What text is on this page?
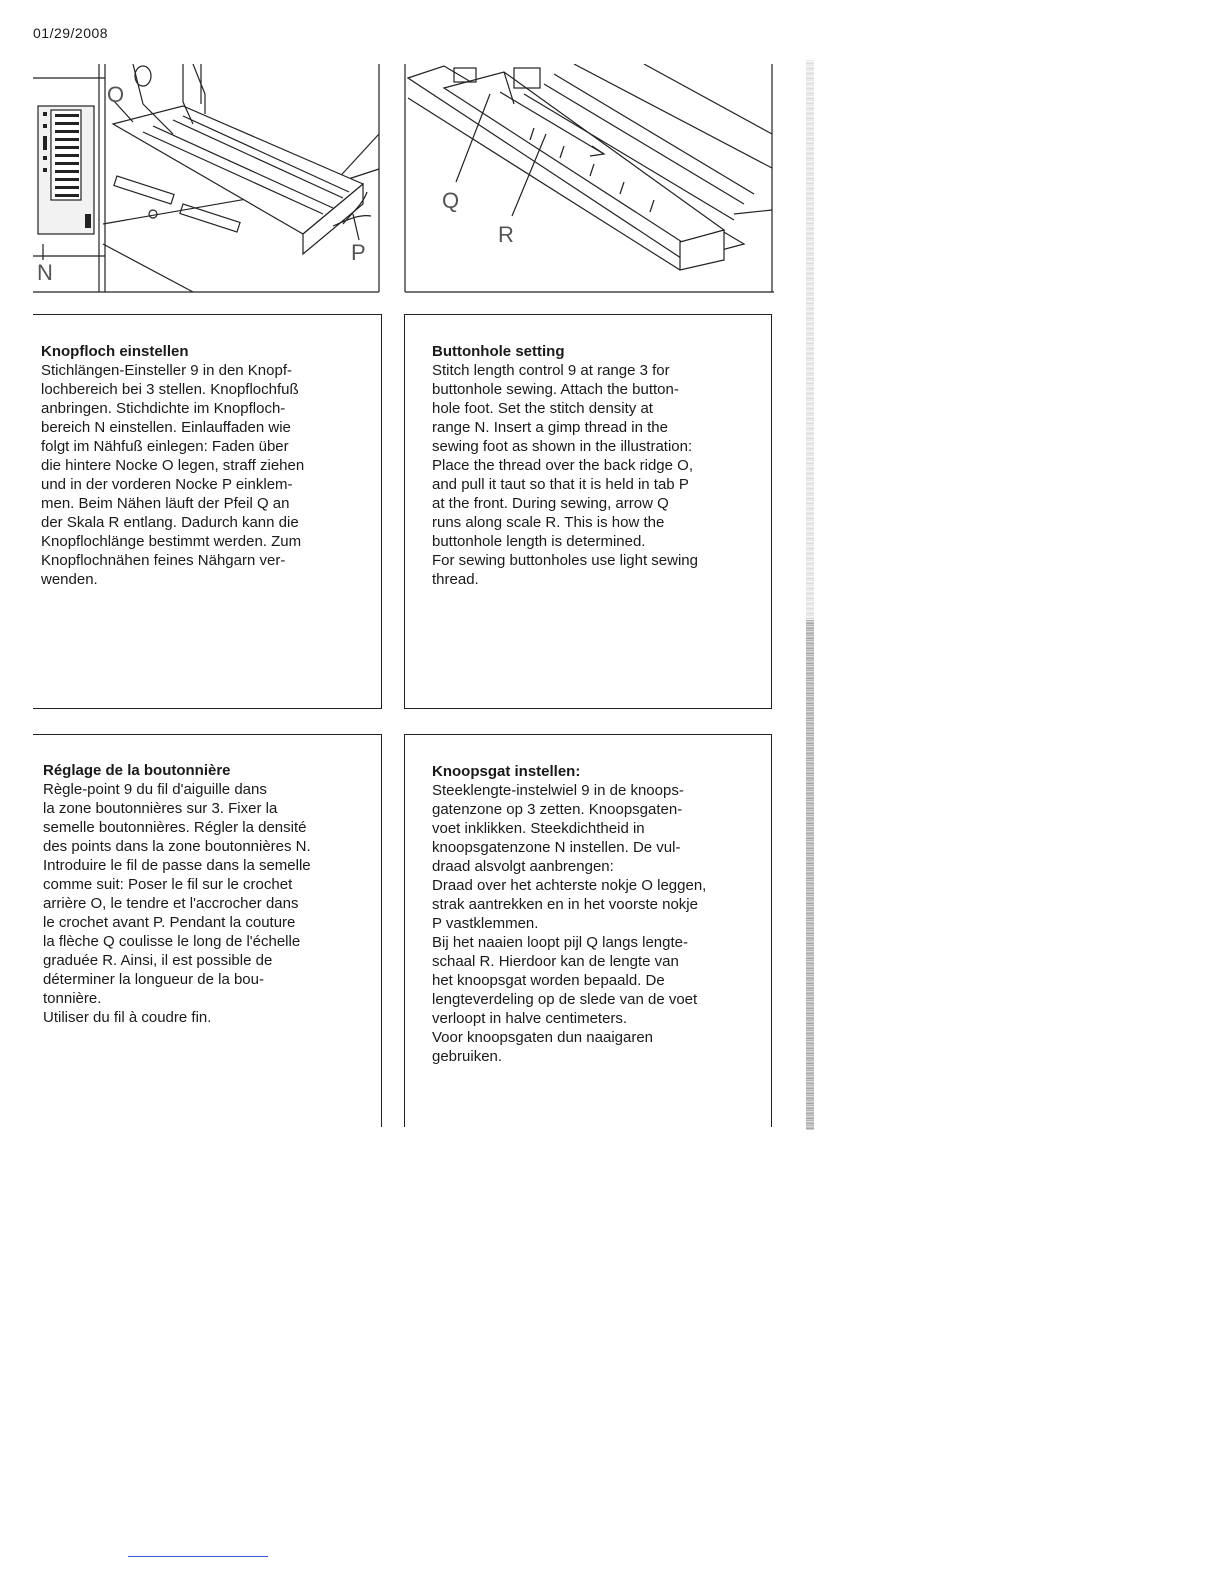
01/29/2008
O
N
P
Q
R
Knopfloch einstellen
Stichlängen-Einsteller 9 in den Knopf-
lochbereich bei 3 stellen. Knopflochfuß
anbringen. Stichdichte im Knopfloch-
bereich N einstellen. Einlauffaden wie
folgt im Nähfuß einlegen: Faden über
die hintere Nocke O legen, straff ziehen
und in der vorderen Nocke P einklem-
men. Beim Nähen läuft der Pfeil Q an
der Skala R entlang. Dadurch kann die
Knopflochlänge bestimmt werden. Zum
Knopflochnähen feines Nähgarn ver-
wenden.
Buttonhole setting
Stitch length control 9 at range 3 for
buttonhole sewing. Attach the button-
hole foot. Set the stitch density at
range N. Insert a gimp thread in the
sewing foot as shown in the illustration:
Place the thread over the back ridge O,
and pull it taut so that it is held in tab P
at the front. During sewing, arrow Q
runs along scale R. This is how the
buttonhole length is determined.
For sewing buttonholes use light sewing
thread.
Réglage de la boutonnière
Règle-point 9 du fil d'aiguille dans
la zone boutonnières sur 3. Fixer la
semelle boutonnières. Régler la densité
des points dans la zone boutonnières N.
Introduire le fil de passe dans la semelle
comme suit: Poser le fil sur le crochet
arrière O, le tendre et l'accrocher dans
le crochet avant P. Pendant la couture
la flèche Q coulisse le long de l'échelle
graduée R. Ainsi, il est possible de
déterminer la longueur de la bou-
tonnière.
Utiliser du fil à coudre fin.
Knoopsgat instellen:
Steeklengte-instelwiel 9 in de knoops-
gatenzone op 3 zetten. Knoopsgaten-
voet inklikken. Steekdichtheid in
knoopsgatenzone N instellen. De vul-
draad alsvolgt aanbrengen:
Draad over het achterste nokje O leggen,
strak aantrekken en in het voorste nokje
P vastklemmen.
Bij het naaien loopt pijl Q langs lengte-
schaal R. Hierdoor kan de lengte van
het knoopsgat worden bepaald. De
lengteverdeling op de slede van de voet
verloopt in halve centimeters.
Voor knoopsgaten dun naaigaren
gebruiken.
